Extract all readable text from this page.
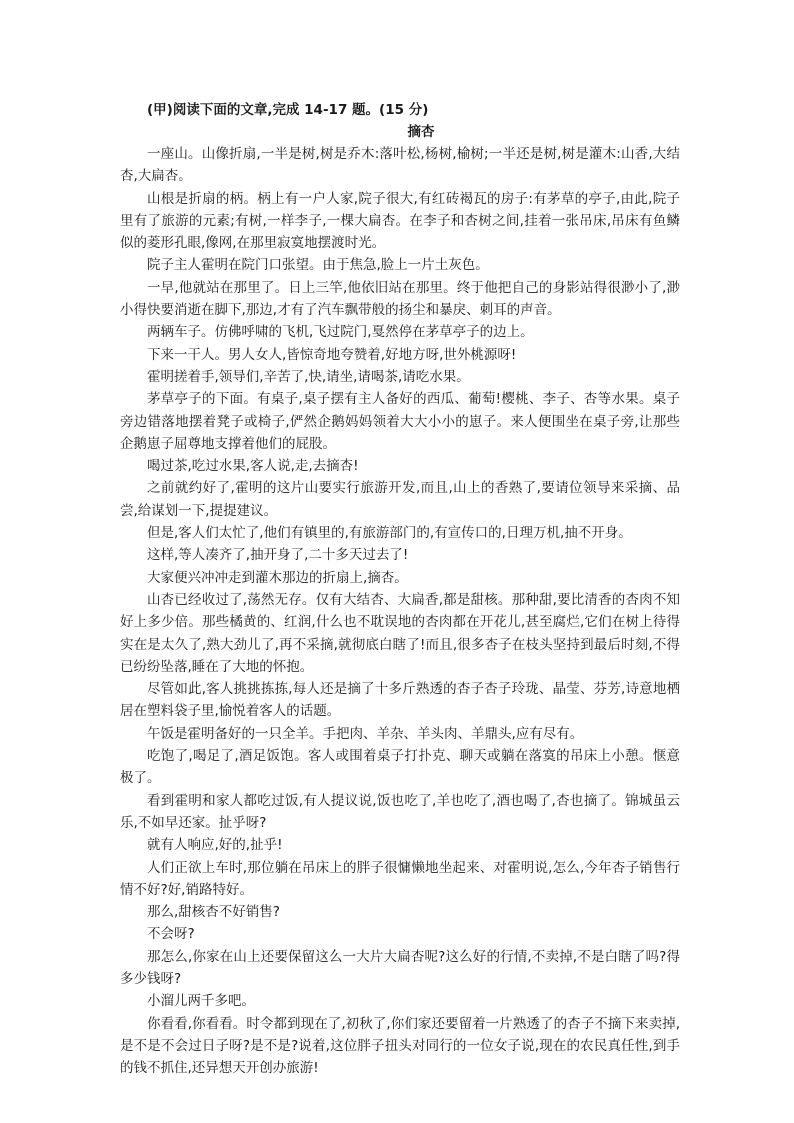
(甲)阅读下面的文章,完成 14-17 题。(15 分)
摘杏

一座山。山像折扇,一半是树,树是乔木:落叶松,杨树,榆树;一半还是树,树是灌木:山香,大结杏,大扁杏。

山根是折扇的柄。柄上有一户人家,院子很大,有红砖褐瓦的房子:有茅草的亭子,由此,院子里有了旅游的元素;有树,一样李子,一棵大扁杏。在李子和杏树之间,挂着一张吊床,吊床有鱼鳞似的菱形孔眼,像网,在那里寂寞地摆渡时光。

院子主人霍明在院门口张望。由于焦急,脸上一片土灰色。

一早,他就站在那里了。日上三竿,他依旧站在那里。终于他把自己的身影站得很渺小了,渺小得快要消逝在脚下,那边,才有了汽车飘带般的扬尘和暴戾、刺耳的声音。

两辆车子。仿佛呼啸的飞机,飞过院门,戛然停在茅草亭子的边上。

下来一干人。男人女人,皆惊奇地夸赞着,好地方呀,世外桃源呀!

霍明搓着手,领导们,辛苦了,快,请坐,请喝茶,请吃水果。

茅草亭子的下面。有桌子,桌子摆有主人备好的西瓜、葡萄!樱桃、李子、杏等水果。桌子旁边错落地摆着凳子或椅子,俨然企鹅妈妈领着大大小小的崽子。来人便围坐在桌子旁,让那些企鹅崽子屈尊地支撑着他们的屁股。

喝过茶,吃过水果,客人说,走,去摘杏!

之前就约好了,霍明的这片山要实行旅游开发,而且,山上的香熟了,要请位领导来采摘、品尝,给谋划一下,提提建议。

但是,客人们太忙了,他们有镇里的,有旅游部门的,有宣传口的,日理万机,抽不开身。

这样,等人凑齐了,抽开身了,二十多天过去了!

大家便兴冲冲走到灌木那边的折扇上,摘杏。

山杏已经收过了,荡然无存。仅有大结杏、大扁香,都是甜核。那种甜,要比清香的杏肉不知好上多少倍。那些橘黄的、红润,什么也不耽误地的杏肉都在开花儿,甚至腐烂,它们在树上待得实在是太久了,熟大劲儿了,再不采摘,就彻底白瞎了!而且,很多杏子在枝头坚持到最后时刻,不得已纷纷坠落,睡在了大地的怀抱。

尽管如此,客人挑挑拣拣,每人还是摘了十多斤熟透的杏子杏子玲珑、晶莹、芬芳,诗意地栖居在塑料袋子里,愉悦着客人的话题。

午饭是霍明备好的一只全羊。手把肉、羊杂、羊头肉、羊鼎头,应有尽有。

吃饱了,喝足了,酒足饭饱。客人或围着桌子打扑克、聊天或躺在落寞的吊床上小憩。惬意极了。

看到霍明和家人都吃过饭,有人提议说,饭也吃了,羊也吃了,酒也喝了,杏也摘了。锦城虽云乐,不如早还家。扯乎呀?

就有人响应,好的,扯乎!

人们正欲上车时,那位躺在吊床上的胖子很慵懒地坐起来、对霍明说,怎么,今年杏子销售行情不好?好,销路特好。

那么,甜核杏不好销售?

不会呀?

那怎么,你家在山上还要保留这么一大片大扁杏呢?这么好的行情,不卖掉,不是白瞎了吗?得多少钱呀?

小溜儿两千多吧。

你看看,你看看。时令都到现在了,初秋了,你们家还要留着一片熟透了的杏子不摘下来卖掉,是不是不会过日子呀?是不是?说着,这位胖子扭头对同行的一位女子说,现在的农民真任性,到手的钱不抓住,还异想天开创办旅游!
